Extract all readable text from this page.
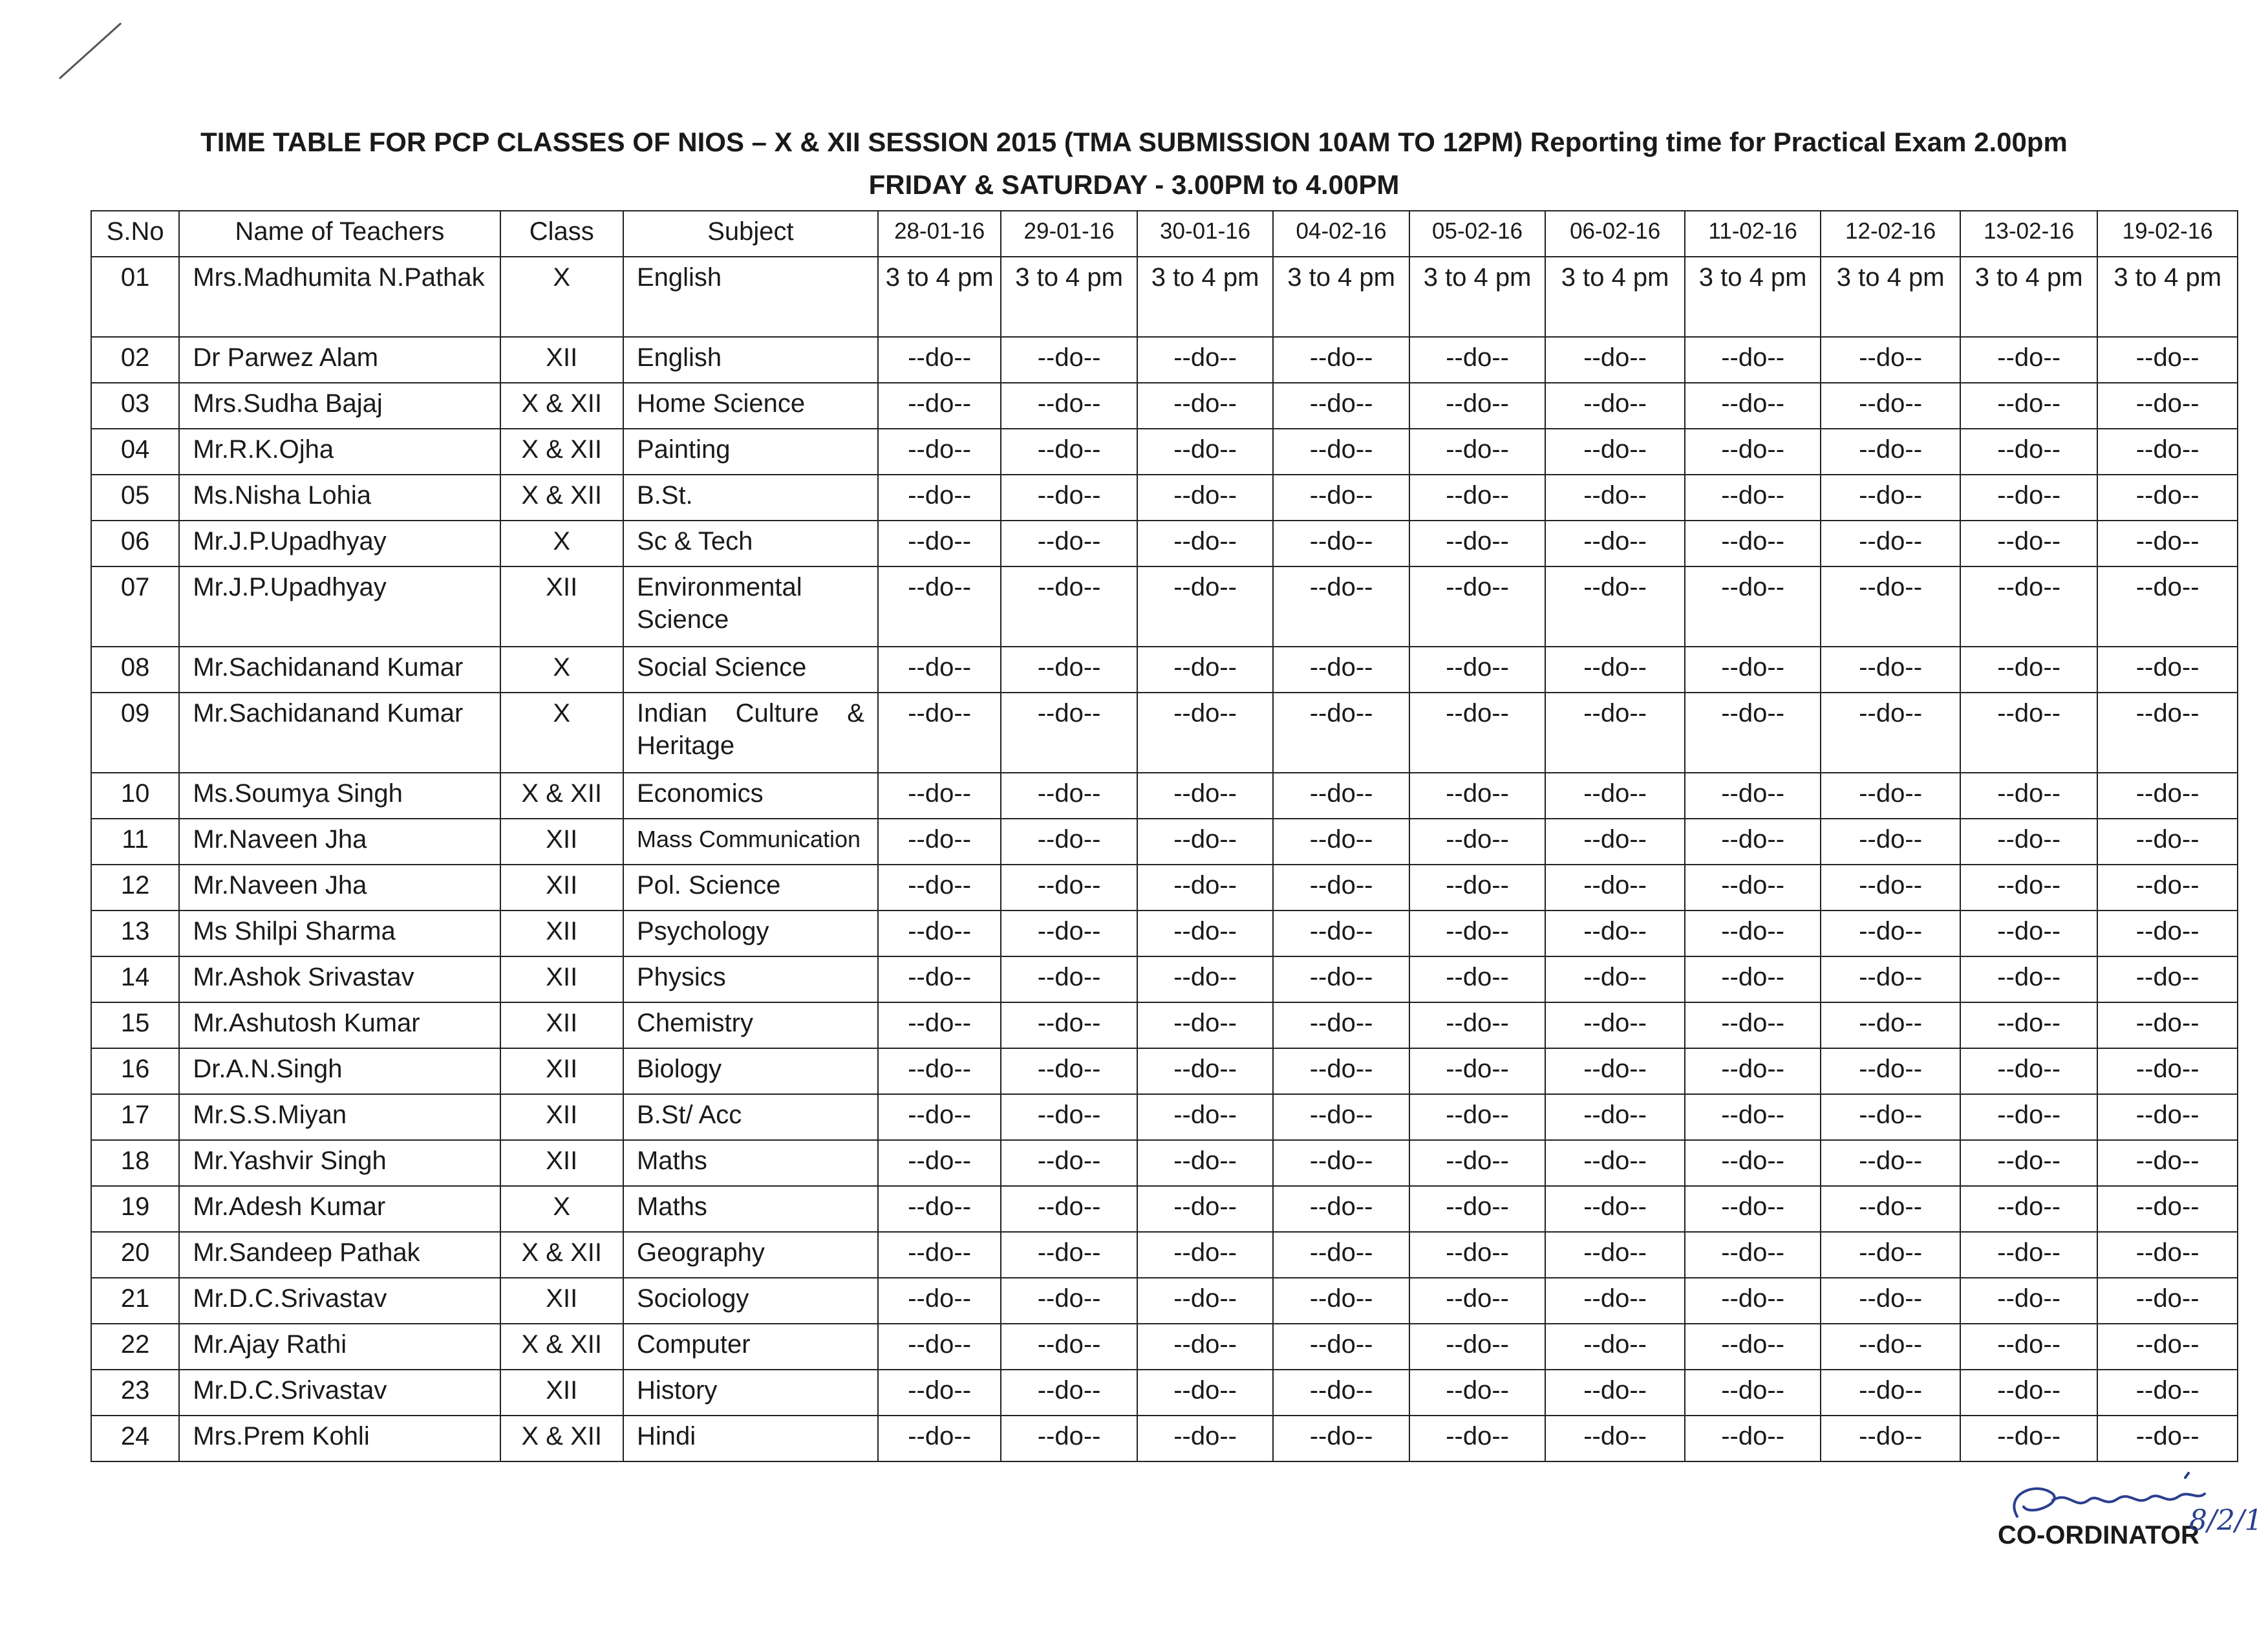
TIME TABLE FOR PCP CLASSES OF NIOS – X & XII SESSION 2015 (TMA SUBMISSION 10AM TO 12PM) Reporting time for Practical Exam 2.00pm
FRIDAY & SATURDAY - 3.00PM to 4.00PM
S.No	Name of Teachers	Class	Subject	28-01-16	29-01-16	30-01-16	04-02-16	05-02-16	06-02-16	11-02-16	12-02-16	13-02-16	19-02-16
01	Mrs.Madhumita N.Pathak	X	English	3 to 4 pm	3 to 4 pm	3 to 4 pm	3 to 4 pm	3 to 4 pm	3 to 4 pm	3 to 4 pm	3 to 4 pm	3 to 4 pm	3 to 4 pm
02	Dr Parwez Alam	XII	English	--do--	--do--	--do--	--do--	--do--	--do--	--do--	--do--	--do--	--do--
03	Mrs.Sudha Bajaj	X & XII	Home Science	--do--	--do--	--do--	--do--	--do--	--do--	--do--	--do--	--do--	--do--
04	Mr.R.K.Ojha	X & XII	Painting	--do--	--do--	--do--	--do--	--do--	--do--	--do--	--do--	--do--	--do--
05	Ms.Nisha Lohia	X & XII	B.St.	--do--	--do--	--do--	--do--	--do--	--do--	--do--	--do--	--do--	--do--
06	Mr.J.P.Upadhyay	X	Sc & Tech	--do--	--do--	--do--	--do--	--do--	--do--	--do--	--do--	--do--	--do--
07	Mr.J.P.Upadhyay	XII	Environmental Science	--do--	--do--	--do--	--do--	--do--	--do--	--do--	--do--	--do--	--do--
08	Mr.Sachidanand Kumar	X	Social Science	--do--	--do--	--do--	--do--	--do--	--do--	--do--	--do--	--do--	--do--
09	Mr.Sachidanand Kumar	X	Indian Culture & Heritage	--do--	--do--	--do--	--do--	--do--	--do--	--do--	--do--	--do--	--do--
10	Ms.Soumya Singh	X & XII	Economics	--do--	--do--	--do--	--do--	--do--	--do--	--do--	--do--	--do--	--do--
11	Mr.Naveen Jha	XII	Mass Communication	--do--	--do--	--do--	--do--	--do--	--do--	--do--	--do--	--do--	--do--
12	Mr.Naveen Jha	XII	Pol. Science	--do--	--do--	--do--	--do--	--do--	--do--	--do--	--do--	--do--	--do--
13	Ms Shilpi Sharma	XII	Psychology	--do--	--do--	--do--	--do--	--do--	--do--	--do--	--do--	--do--	--do--
14	Mr.Ashok Srivastav	XII	Physics	--do--	--do--	--do--	--do--	--do--	--do--	--do--	--do--	--do--	--do--
15	Mr.Ashutosh Kumar	XII	Chemistry	--do--	--do--	--do--	--do--	--do--	--do--	--do--	--do--	--do--	--do--
16	Dr.A.N.Singh	XII	Biology	--do--	--do--	--do--	--do--	--do--	--do--	--do--	--do--	--do--	--do--
17	Mr.S.S.Miyan	XII	B.St/ Acc	--do--	--do--	--do--	--do--	--do--	--do--	--do--	--do--	--do--	--do--
18	Mr.Yashvir Singh	XII	Maths	--do--	--do--	--do--	--do--	--do--	--do--	--do--	--do--	--do--	--do--
19	Mr.Adesh Kumar	X	Maths	--do--	--do--	--do--	--do--	--do--	--do--	--do--	--do--	--do--	--do--
20	Mr.Sandeep Pathak	X & XII	Geography	--do--	--do--	--do--	--do--	--do--	--do--	--do--	--do--	--do--	--do--
21	Mr.D.C.Srivastav	XII	Sociology	--do--	--do--	--do--	--do--	--do--	--do--	--do--	--do--	--do--	--do--
22	Mr.Ajay Rathi	X & XII	Computer	--do--	--do--	--do--	--do--	--do--	--do--	--do--	--do--	--do--	--do--
23	Mr.D.C.Srivastav	XII	History	--do--	--do--	--do--	--do--	--do--	--do--	--do--	--do--	--do--	--do--
24	Mrs.Prem Kohli	X & XII	Hindi	--do--	--do--	--do--	--do--	--do--	--do--	--do--	--do--	--do--	--do--
CO-ORDINATOR
8/2/1
